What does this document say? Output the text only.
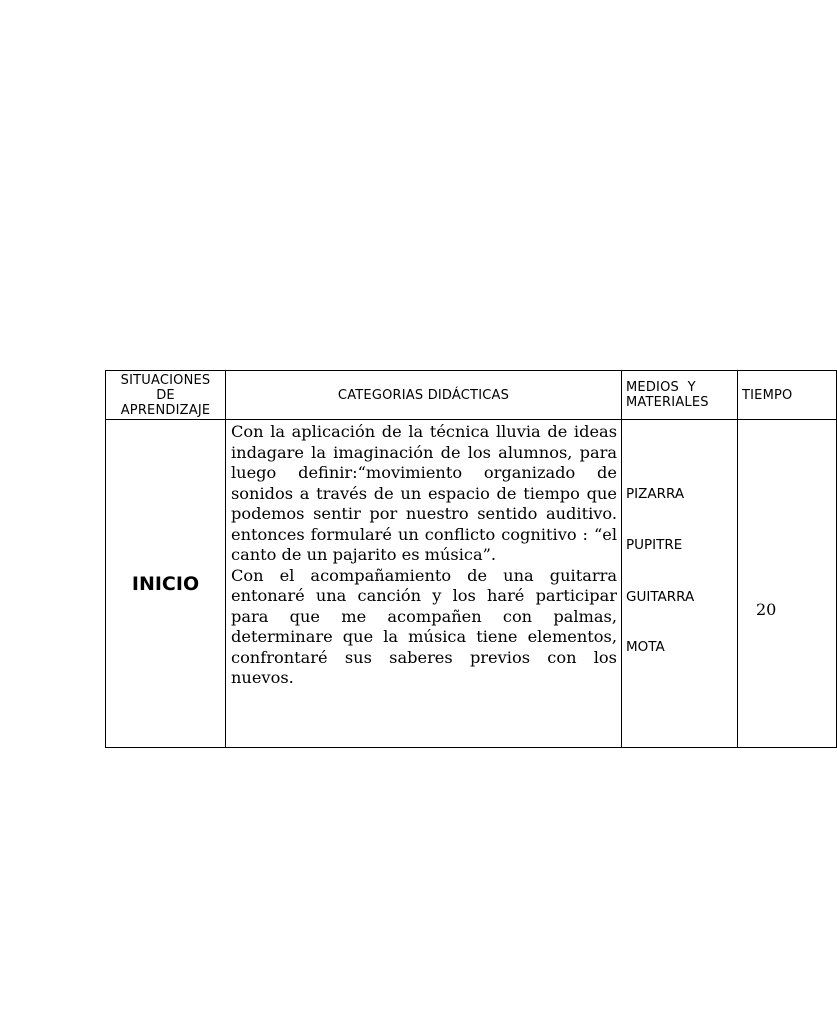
SITUACIONES
DE
APRENDIZAJE
CATEGORIAS DIDÁCTICAS	MEDIOS  Y
MATERIALES	TIEMPO
INICIO

Con la aplicación de la técnica lluvia de ideas indagare la imaginación de los alumnos, para luego definir:“movimiento organizado de sonidos a través de un espacio de tiempo que podemos sentir por nuestro sentido auditivo. entonces formularé un conflicto cognitivo : “el canto de un pajarito es música”.

Con el acompañamiento de una guitarra entonaré una canción y los haré participar para que me acompañen con palmas, determinare que la música tiene elementos, confrontaré sus saberes previos con los nuevos.

PIZARRA
PUPITRE
GUITARRA
MOTA
20
